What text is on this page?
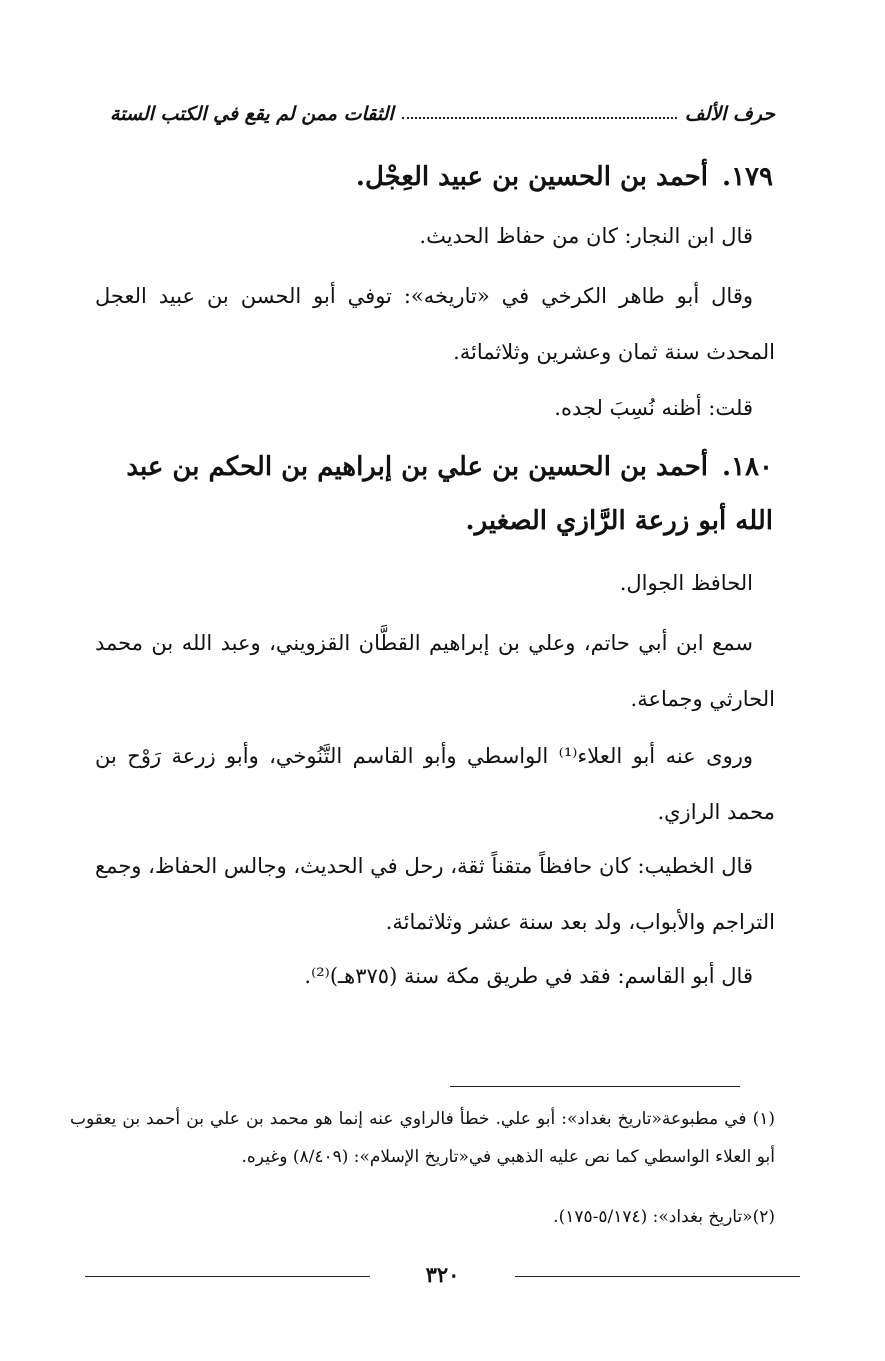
حرف الألف
الثقات ممن لم يقع في الكتب الستة
١٧٩.أحمد بن الحسين بن عبيد العِجْل.
قال ابن النجار: كان من حفاظ الحديث.
وقال أبو طاهر الكرخي في «تاريخه»: توفي أبو الحسن بن عبيد العجل المحدث سنة ثمان وعشرين وثلاثمائة.
قلت: أظنه نُسِبَ لجده.
١٨٠.أحمد بن الحسين بن علي بن إبراهيم بن الحكم بن عبد الله أبو زرعة الرَّازي الصغير.
الحافظ الجوال.
سمع ابن أبي حاتم، وعلي بن إبراهيم القطَّان القزويني، وعبد الله بن محمد الحارثي وجماعة.
وروى عنه أبو العلاء⁽¹⁾ الواسطي وأبو القاسم التَّنُوخي، وأبو زرعة رَوْح بن محمد الرازي.
قال الخطيب: كان حافظاً متقناً ثقة، رحل في الحديث، وجالس الحفاظ، وجمع التراجم والأبواب، ولد بعد سنة عشر وثلاثمائة.
قال أبو القاسم: فقد في طريق مكة سنة (٣٧٥هـ)⁽²⁾.
(١) في مطبوعة«تاريخ بغداد»: أبو علي. خطأ فالراوي عنه إنما هو محمد بن علي بن أحمد بن يعقوب أبو العلاء الواسطي كما نص عليه الذهبي في«تاريخ الإسلام»: (٨/٤٠٩) وغيره.
(٢)«تاريخ بغداد»: (٥/١٧٤-١٧٥).
٣٢٠
